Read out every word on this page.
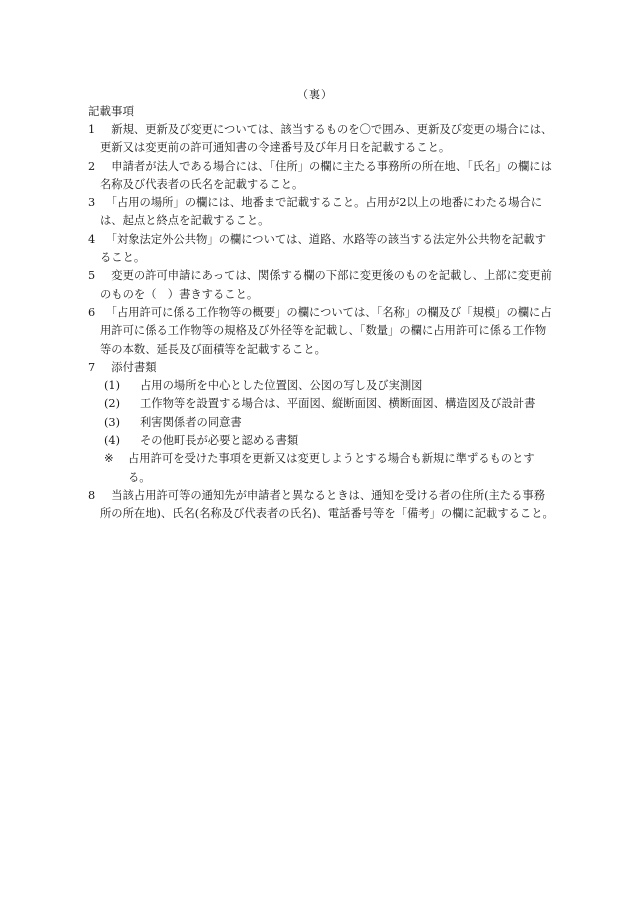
（裏）
記載事項
1 　新規、更新及び変更については、該当するものを〇で囲み、更新及び変更の場合には、更新又は変更前の許可通知書の令達番号及び年月日を記載すること。
2 　申請者が法人である場合には、「住所」の欄に主たる事務所の所在地、「氏名」の欄には名称及び代表者の氏名を記載すること。
3 　「占用の場所」の欄には、地番まで記載すること。占用が2以上の地番にわたる場合には、起点と終点を記載すること。
4 　「対象法定外公共物」の欄については、道路、水路等の該当する法定外公共物を記載すること。
5 　変更の許可申請にあっては、関係する欄の下部に変更後のものを記載し、上部に変更前のものを（　）書きすること。
6 　「占用許可に係る工作物等の概要」の欄については、「名称」の欄及び「規模」の欄に占用許可に係る工作物等の規格及び外径等を記載し、「数量」の欄に占用許可に係る工作物等の本数、延長及び面積等を記載すること。
7 　添付書類
(1) 占用の場所を中心とした位置図、公図の写し及び実測図
(2) 工作物等を設置する場合は、平面図、縦断面図、横断面図、構造図及び設計書
(3) 利害関係者の同意書
(4) その他町長が必要と認める書類
※ 占用許可を受けた事項を更新又は変更しようとする場合も新規に準ずるものとする。
8 　当該占用許可等の通知先が申請者と異なるときは、通知を受ける者の住所(主たる事務所の所在地)、氏名(名称及び代表者の氏名)、電話番号等を「備考」の欄に記載すること。
